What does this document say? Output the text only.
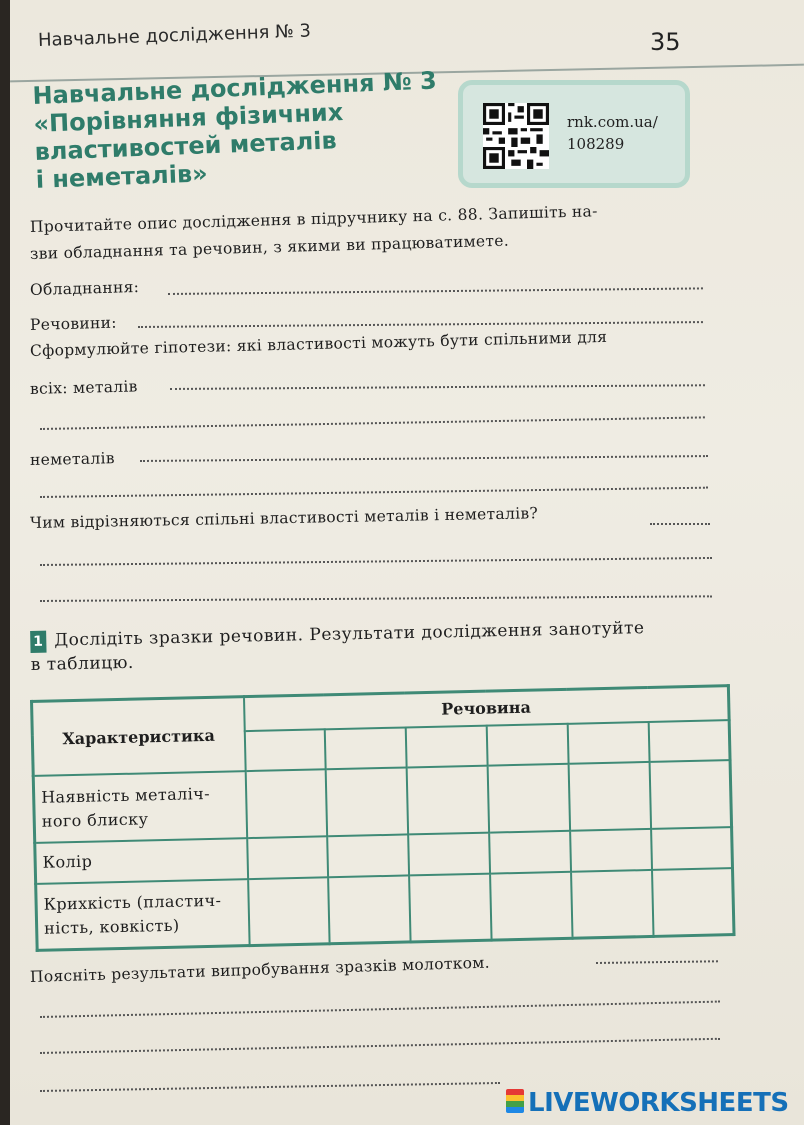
Навчальне дослідження № 3	35
Навчальне дослідження № 3
«Порівняння фізичних
властивостей металів
і неметалів»
rnk.com.ua/
108289
Прочитайте опис дослідження в підручнику на с. 88. Запишіть на-
зви обладнання та речовин, з якими ви працюватимете.
Обладнання:
Речовини:
Сформулюйте гіпотези: які властивості можуть бути спільними для
всіх: металів
неметалів
Чим відрізняються спільні властивості металів і неметалів?
1 Дослідіть зразки речовин. Результати дослідження занотуйте
в таблицю.
Характеристика	Речовина					

Наявність металіч-
ного блиску						

Колір						

Крихкість (пластич-
ність, ковкість)						

Поясніть результати випробування зразків молотком.
LIVEWORKSHEETS
